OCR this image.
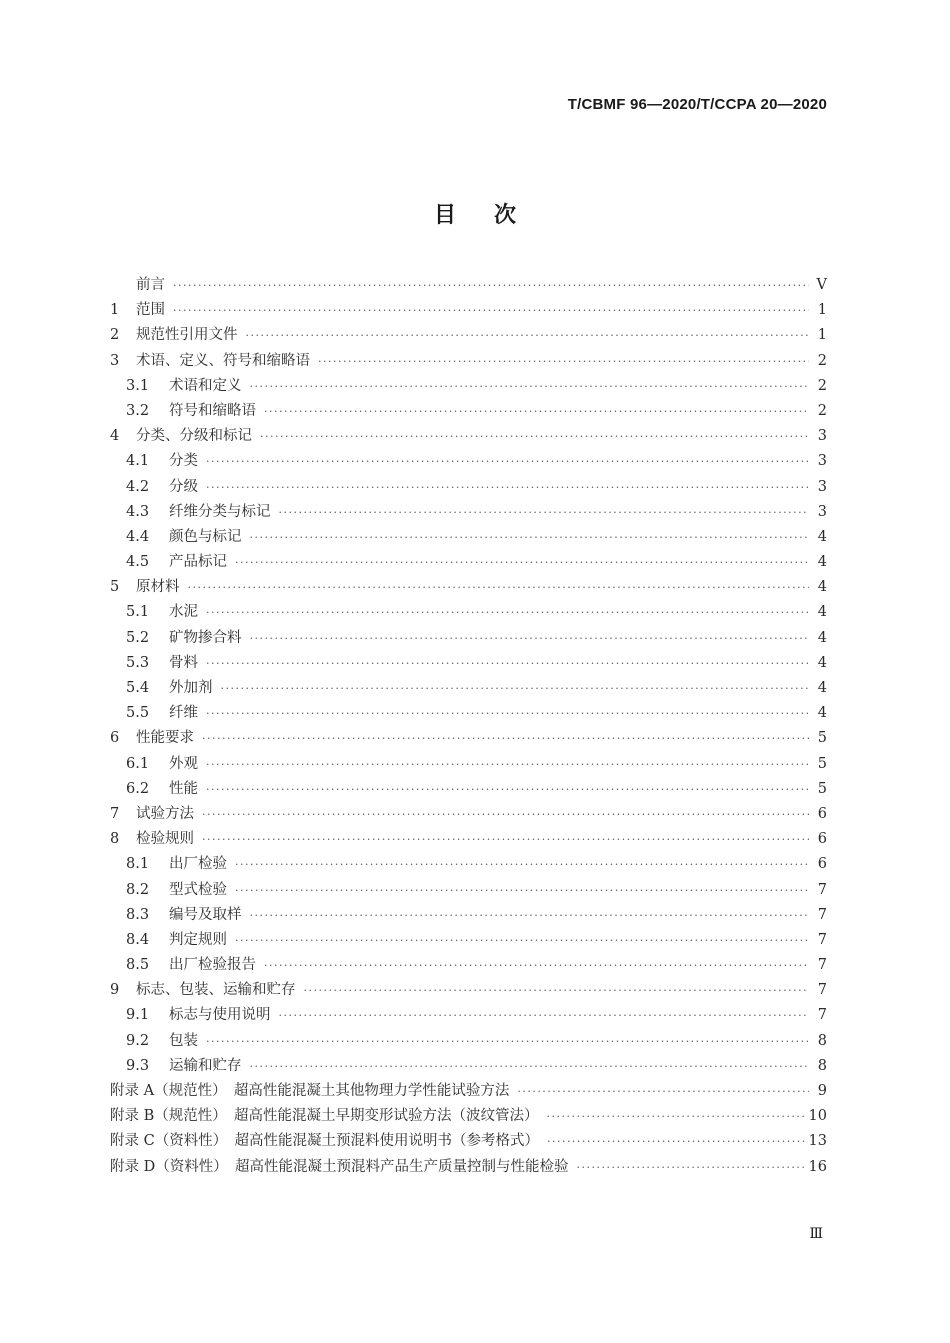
T/CBMF 96—2020/T/CCPA 20—2020
目次
前言 ·····	V
1	范围 ·····	1
2	规范性引用文件 ·····	1
3	术语、定义、符号和缩略语 ·····	2
3.1	术语和定义 ·····	2
3.2	符号和缩略语 ·····	2
4	分类、分级和标记 ·····	3
4.1	分类 ·····	3
4.2	分级 ·····	3
4.3	纤维分类与标记 ·····	3
4.4	颜色与标记 ·····	4
4.5	产品标记 ·····	4
5	原材料 ·····	4
5.1	水泥 ·····	4
5.2	矿物掺合料 ·····	4
5.3	骨料 ·····	4
5.4	外加剂 ·····	4
5.5	纤维 ·····	4
6	性能要求 ·····	5
6.1	外观 ·····	5
6.2	性能 ·····	5
7	试验方法 ·····	6
8	检验规则 ·····	6
8.1	出厂检验 ·····	6
8.2	型式检验 ·····	7
8.3	编号及取样 ·····	7
8.4	判定规则 ·····	7
8.5	出厂检验报告 ·····	7
9	标志、包装、运输和贮存 ·····	7
9.1	标志与使用说明 ·····	7
9.2	包装 ·····	8
9.3	运输和贮存 ·····	8
附录 A（规范性）　超高性能混凝土其他物理力学性能试验方法 ·····	9
附录 B（规范性）　超高性能混凝土早期变形试验方法（波纹管法） ·····	10
附录 C（资料性）　超高性能混凝土预混料使用说明书（参考格式） ·····	13
附录 D（资料性）　超高性能混凝土预混料产品生产质量控制与性能检验 ·····	16
Ⅲ
